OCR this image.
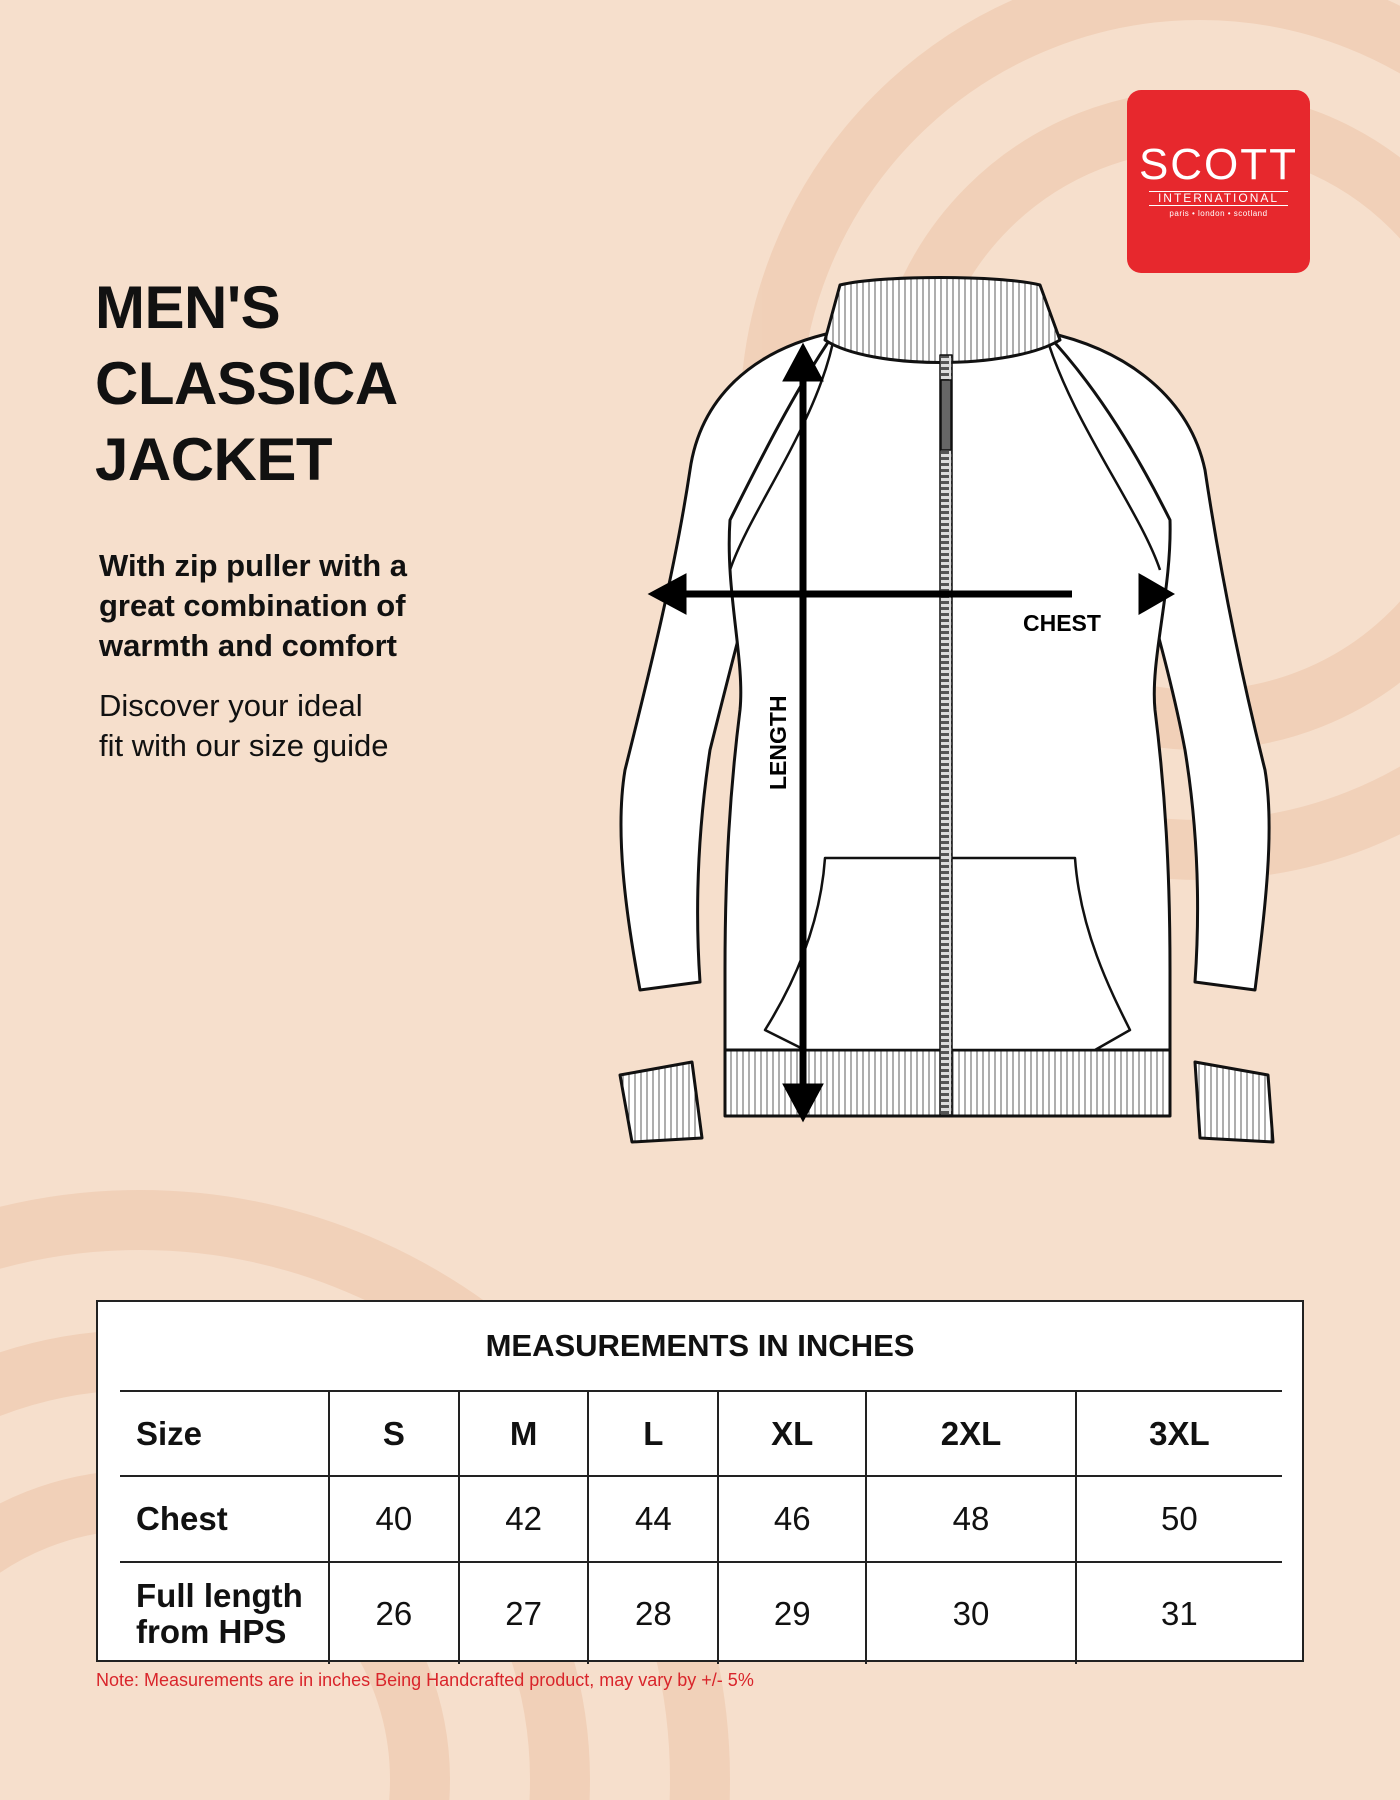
SCOTT
INTERNATIONAL
paris • london • scotland
MEN'S
CLASSICA
JACKET

With zip puller with a
great combination of
warmth and comfort

Discover your ideal
fit with our size guide

CHEST
LENGTH
MEASUREMENTS IN INCHES
Size	S	M	L	XL	2XL	3XL
Chest	40	42	44	46	48	50

Full length
from HPS	26	27	28	29	30	31
Note: Measurements are in inches Being Handcrafted product, may vary by +/- 5%
